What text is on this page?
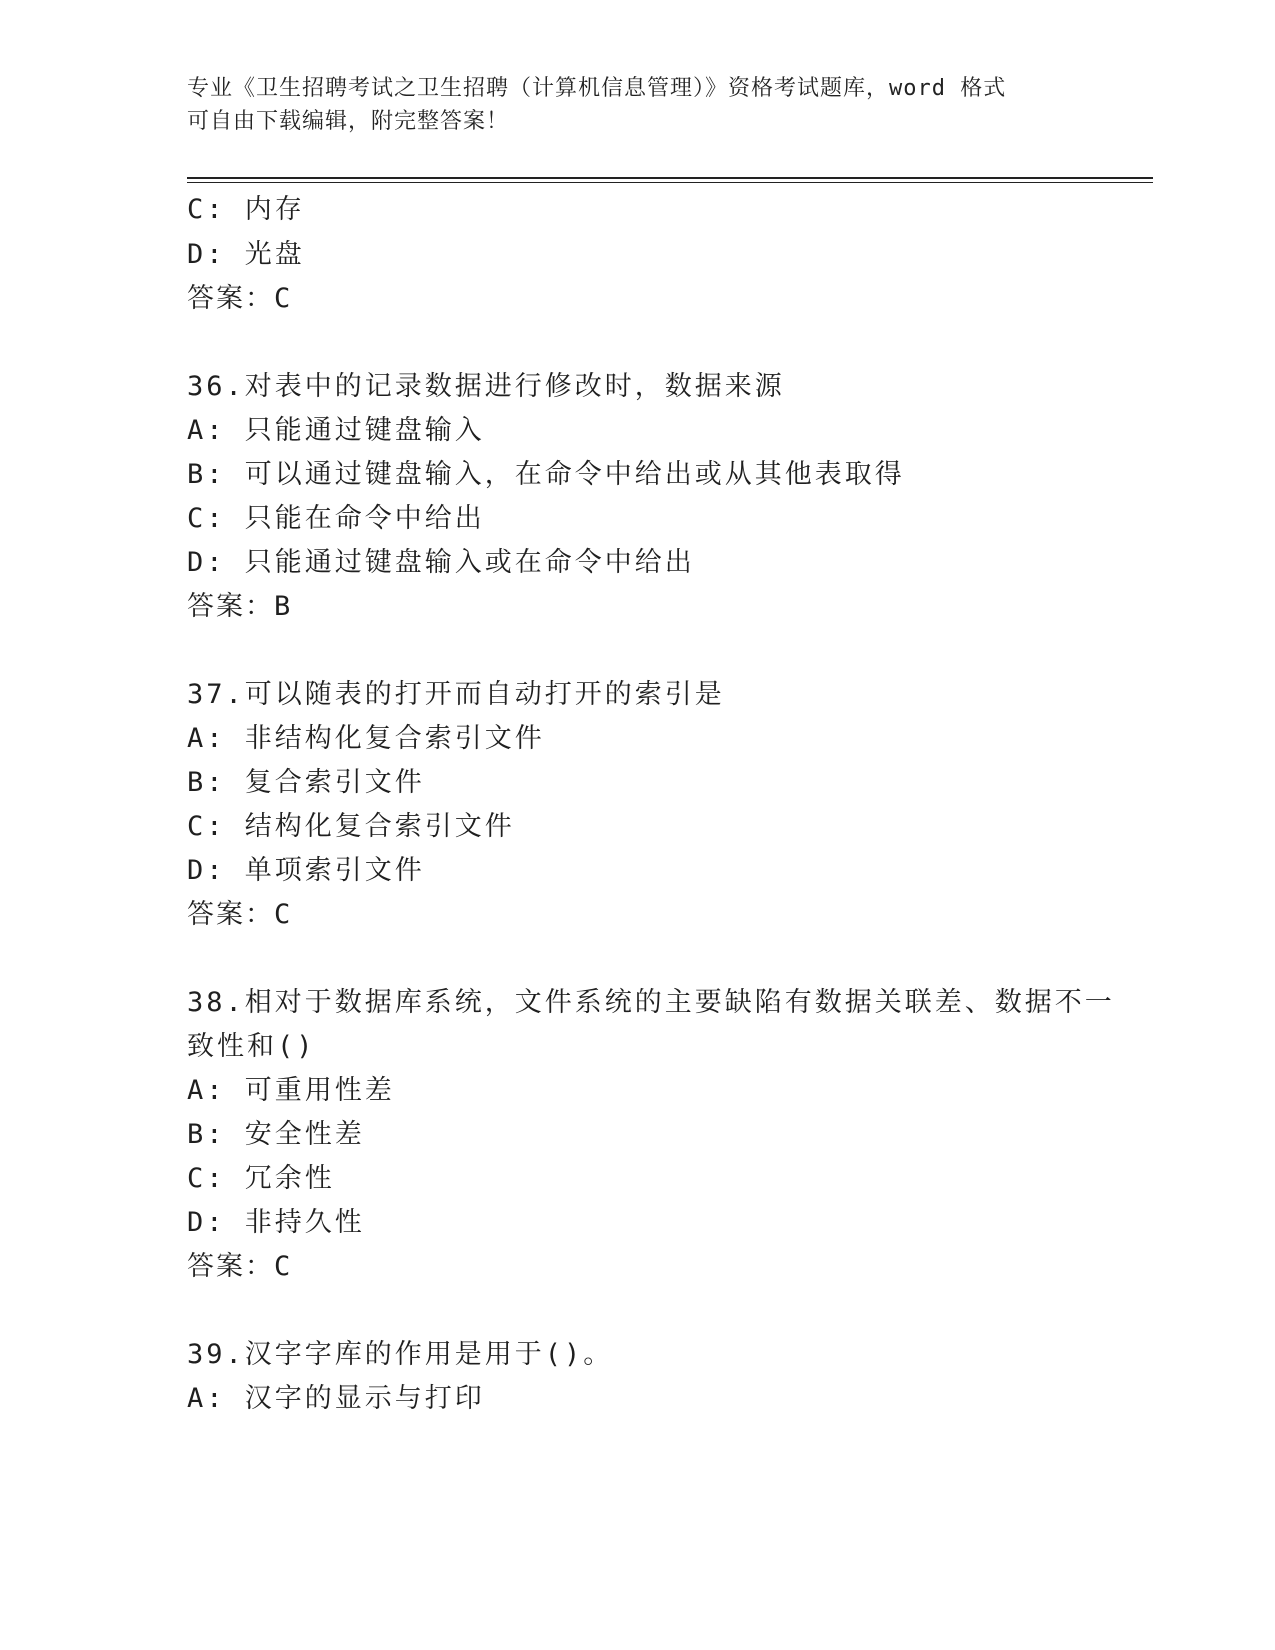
专业《卫生招聘考试之卫生招聘（计算机信息管理）》资格考试题库，word 格式
可自由下载编辑，附完整答案！
C: 内存
D: 光盘
答案：C
36.对表中的记录数据进行修改时，数据来源
A: 只能通过键盘输入
B: 可以通过键盘输入，在命令中给出或从其他表取得
C: 只能在命令中给出
D: 只能通过键盘输入或在命令中给出
答案：B
37.可以随表的打开而自动打开的索引是
A: 非结构化复合索引文件
B: 复合索引文件
C: 结构化复合索引文件
D: 单项索引文件
答案：C
38.相对于数据库系统，文件系统的主要缺陷有数据关联差、数据不一
致性和()
A: 可重用性差
B: 安全性差
C: 冗余性
D: 非持久性
答案：C
39.汉字字库的作用是用于()。
A: 汉字的显示与打印
